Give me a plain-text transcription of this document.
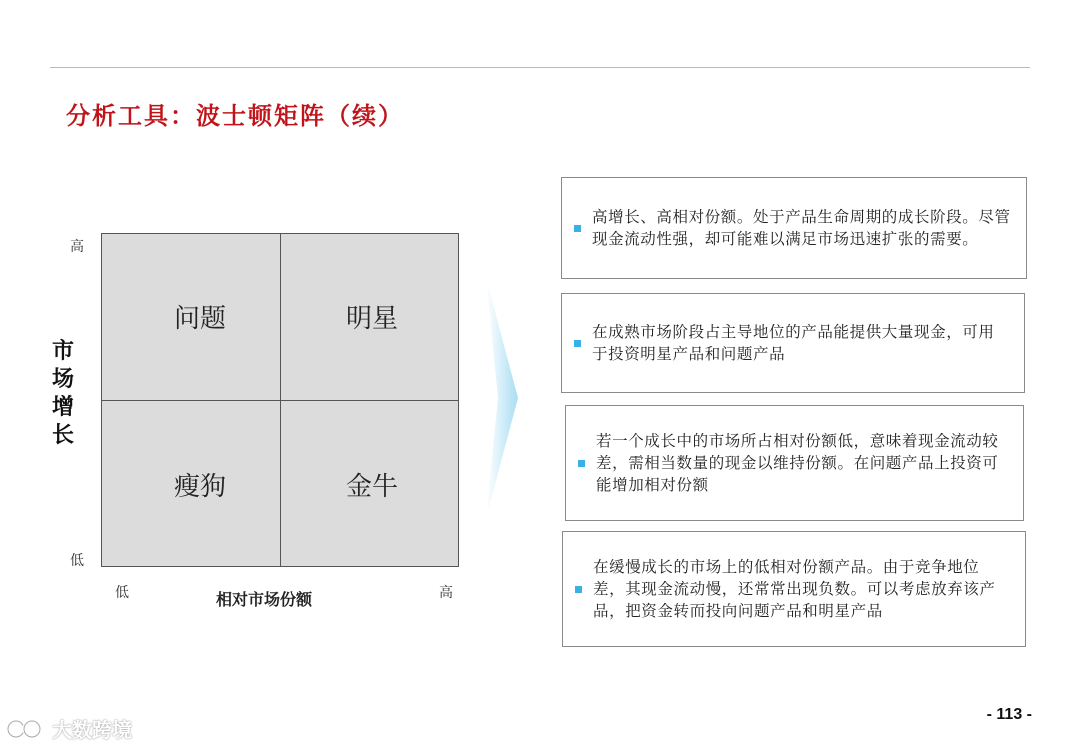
分析工具：波士顿矩阵（续）
高
低
市场增长
问题	明星
瘦狗	金牛
低	高
相对市场份额
高增长、高相对份额。处于产品生命周期的成长阶段。尽管现金流动性强，却可能难以满足市场迅速扩张的需要。
在成熟市场阶段占主导地位的产品能提供大量现金，可用于投资明星产品和问题产品
若一个成长中的市场所占相对份额低，意味着现金流动较差，需相当数量的现金以维持份额。在问题产品上投资可能增加相对份额
在缓慢成长的市场上的低相对份额产品。由于竞争地位差，其现金流动慢，还常常出现负数。可以考虑放弃该产品，把资金转而投向问题产品和明星产品
- 113 -
大数跨境
